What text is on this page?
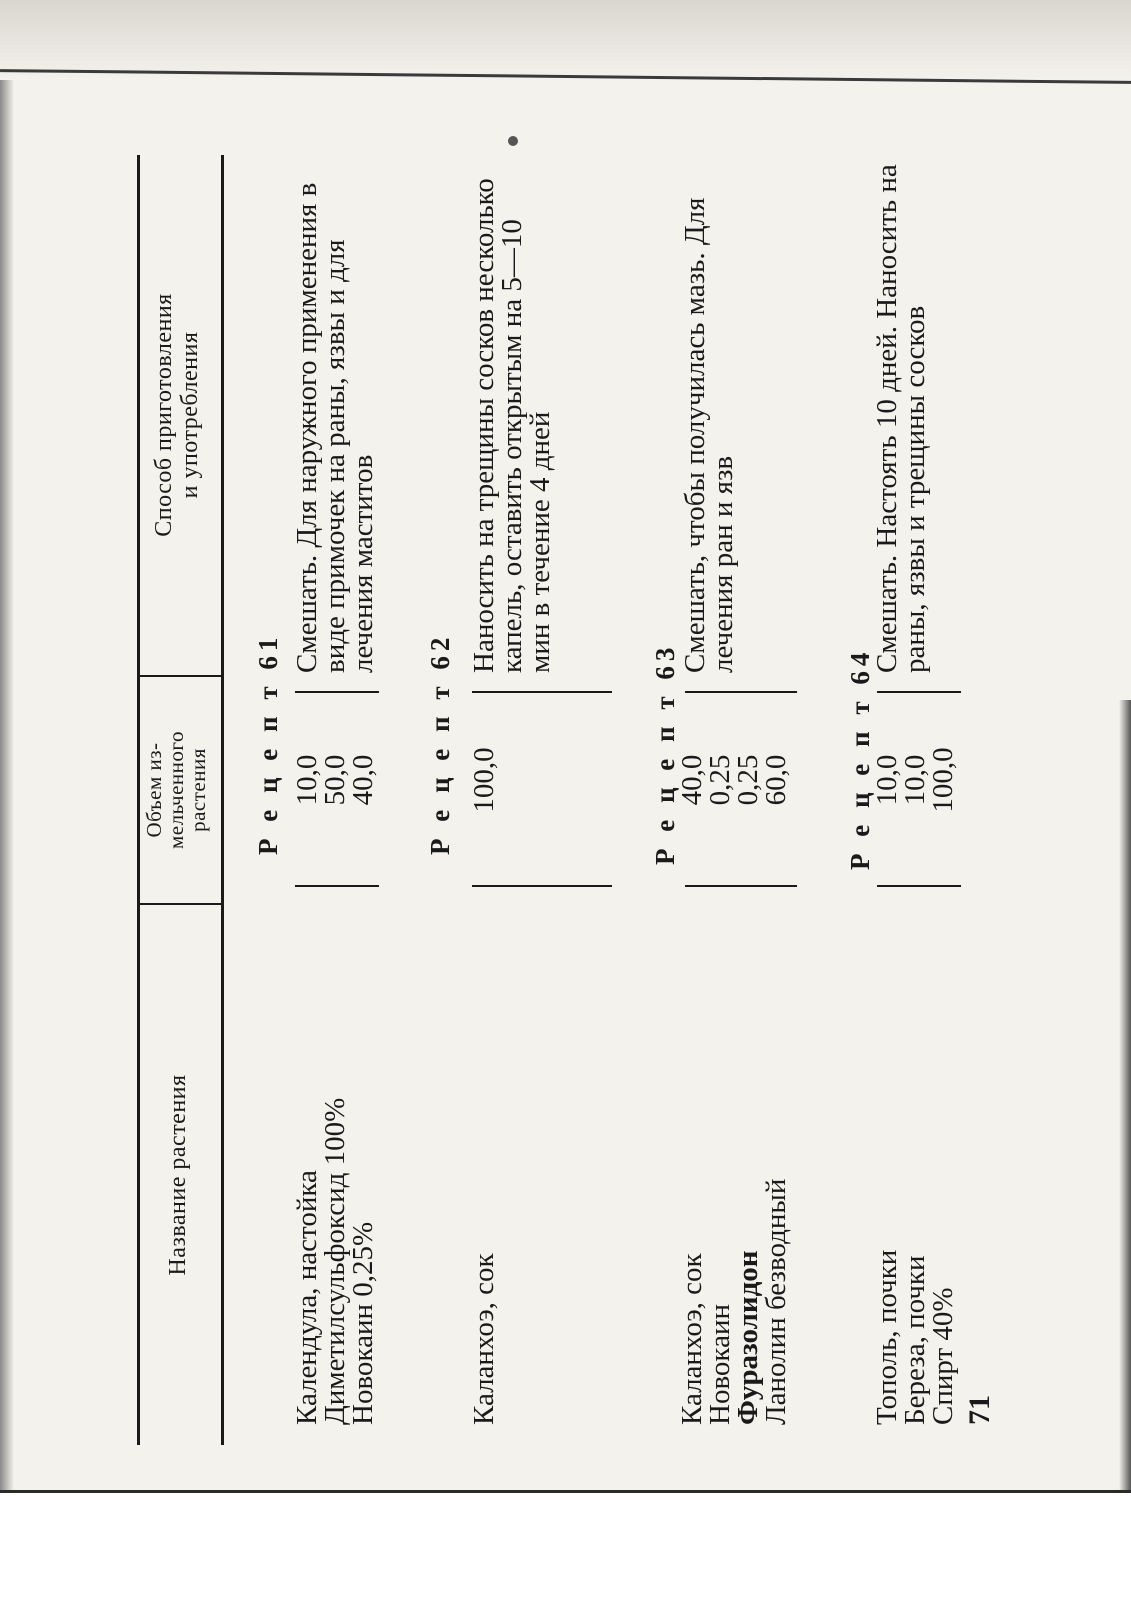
Название растения
Объем из-
мельченного
растения
Способ приготовления и употребления
Р е ц е п т 61
Календула, настойка
Диметилсульфоксид 100%
Новокаин 0,25%
10,0
50,0
40,0
Смешать. Для наружного применения в виде примочек на раны, язвы и для лечения маститов
Р е ц е п т 62
Каланхоэ, сок
100,0
Наносить на трещины сосков несколько капель, оставить открытым на 5—10 мин в течение 4 дней
Р е ц е п т 63
Каланхоэ, сок
Новокаин
Фуразолидон
Ланолин безводный
40,0
0,25
0,25
60,0
Смешать, чтобы получилась мазь. Для лечения ран и язв
Р е ц е п т 64
Тополь, почки
Береза, почки
Спирт 40%
10,0
10,0
100,0
Смешать. Настоять 10 дней. Наносить на раны, язвы и трещины сосков
71
